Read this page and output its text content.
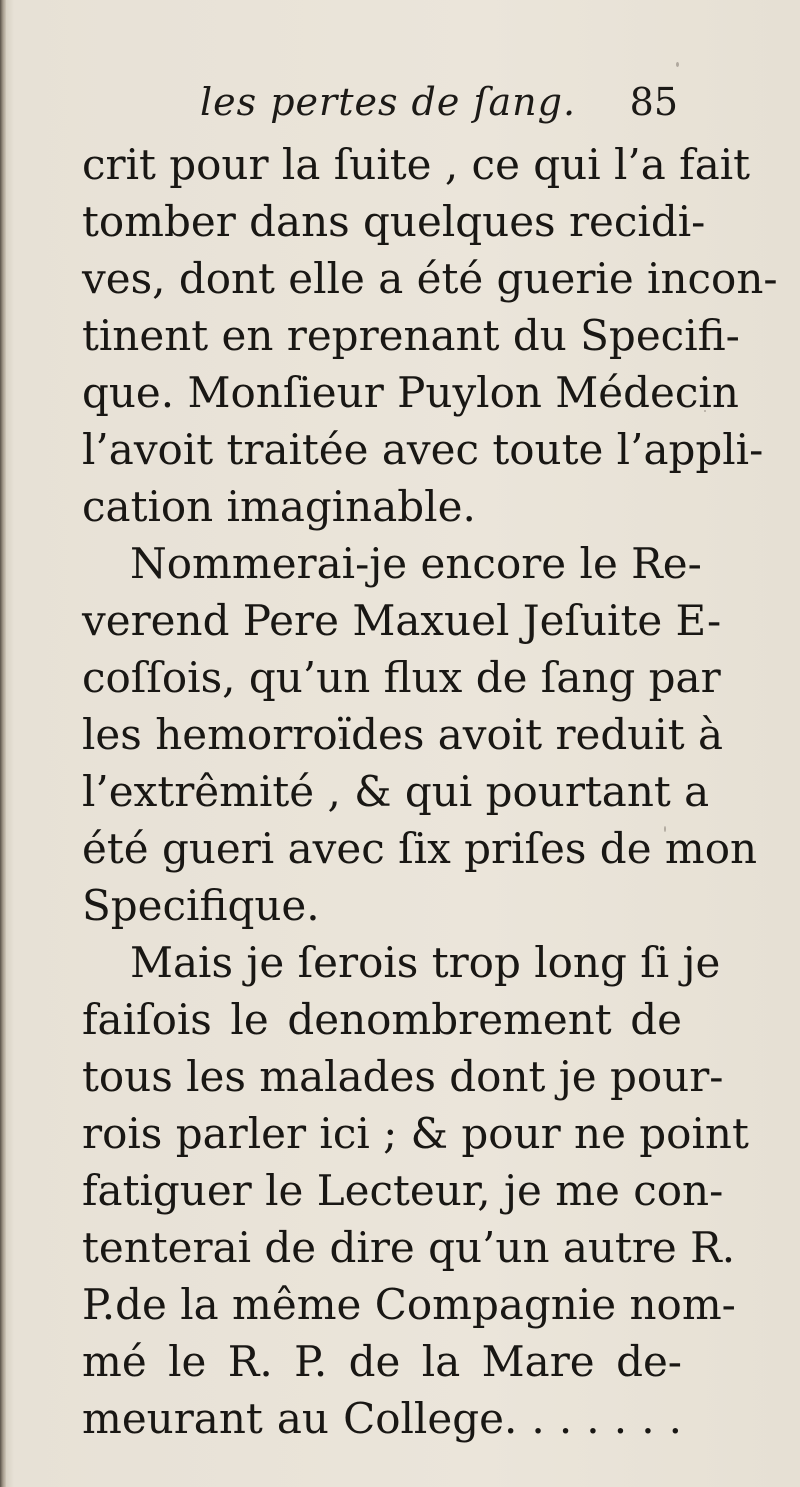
les pertes de ſang. 85
crit pour la ſuite , ce qui l’a fait
tomber dans quelques recidi-
ves, dont elle a été guerie incon-
tinent en reprenant du Specifi-
que. Monſieur Puylon Médecin
l’avoit traitée avec toute l’appli-
cation imaginable.
Nommerai-je encore le Re-
verend Pere Maxuel Jeſuite E-
coſſois, qu’un flux de ſang par
les hemorroïdes avoit reduit à
l’extrêmité , & qui pourtant a
été gueri avec ſix priſes de mon
Specifique.
Mais je ſerois trop long ſi je
faiſois le denombrement de
tous les malades dont je pour-
rois parler ici ; & pour ne point
fatiguer le Lecteur, je me con-
tenterai de dire qu’un autre R.
P.de la même Compagnie nom-
mé le R. P. de la Mare de-
meurant au College. . . . . . .
